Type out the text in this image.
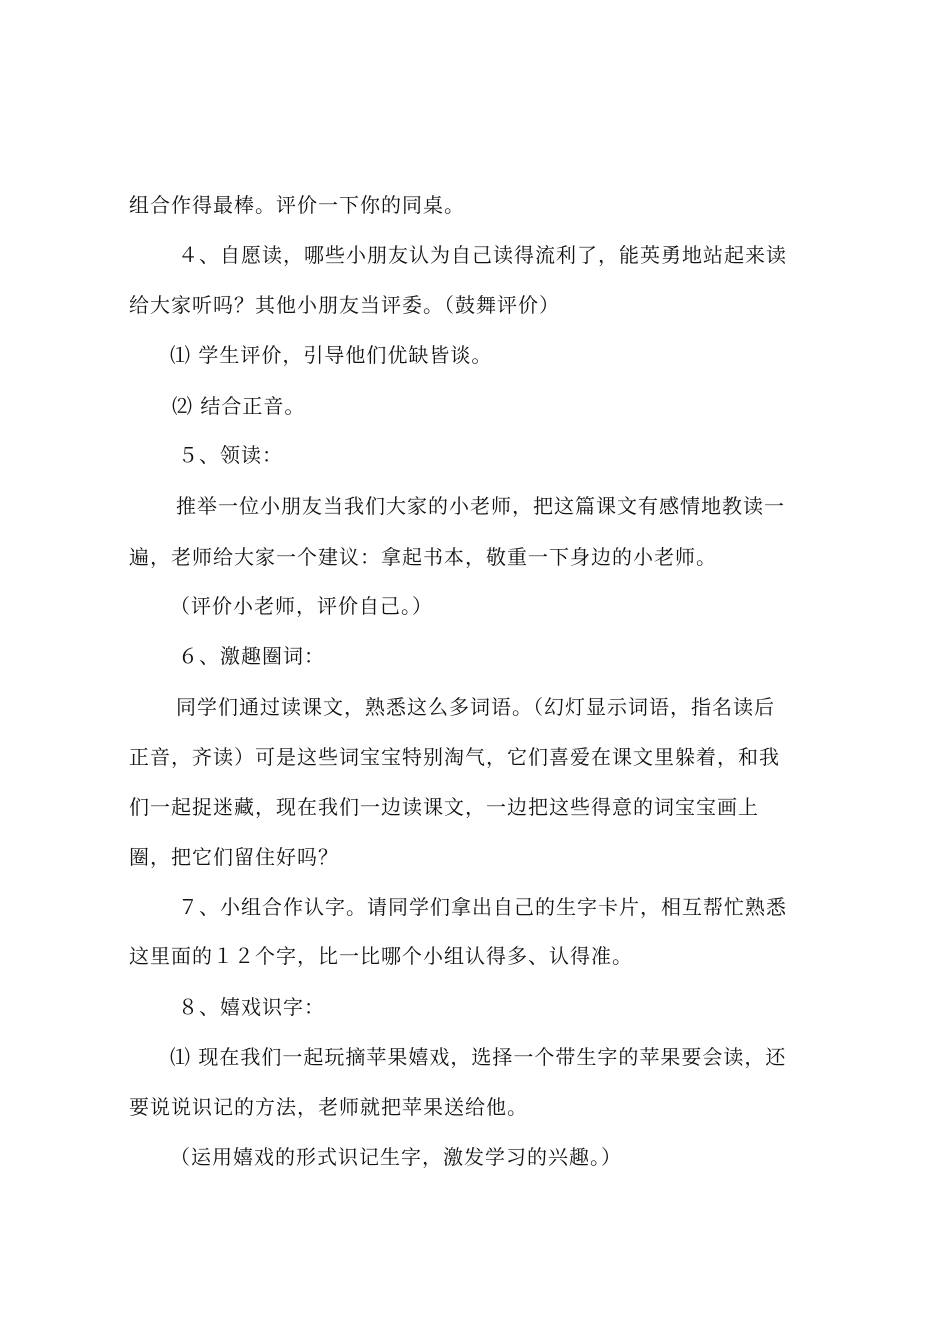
组合作得最棒。评价一下你的同桌。
４、自愿读，哪些小朋友认为自己读得流利了，能英勇地站起来读
给大家听吗？其他小朋友当评委。（鼓舞评价）
⑴ 学生评价，引导他们优缺皆谈。
⑵ 结合正音。
５、领读：
推举一位小朋友当我们大家的小老师，把这篇课文有感情地教读一
遍，老师给大家一个建议：拿起书本，敬重一下身边的小老师。
（评价小老师，评价自己。）
６、激趣圈词：
同学们通过读课文，熟悉这么多词语。（幻灯显示词语，指名读后
正音，齐读）可是这些词宝宝特别淘气，它们喜爱在课文里躲着，和我
们一起捉迷藏，现在我们一边读课文，一边把这些得意的词宝宝画上
圈，把它们留住好吗？
７、小组合作认字。请同学们拿出自己的生字卡片，相互帮忙熟悉
这里面的１２个字，比一比哪个小组认得多、认得准。
８、嬉戏识字：
⑴ 现在我们一起玩摘苹果嬉戏，选择一个带生字的苹果要会读，还
要说说识记的方法，老师就把苹果送给他。
（运用嬉戏的形式识记生字，激发学习的兴趣。）
